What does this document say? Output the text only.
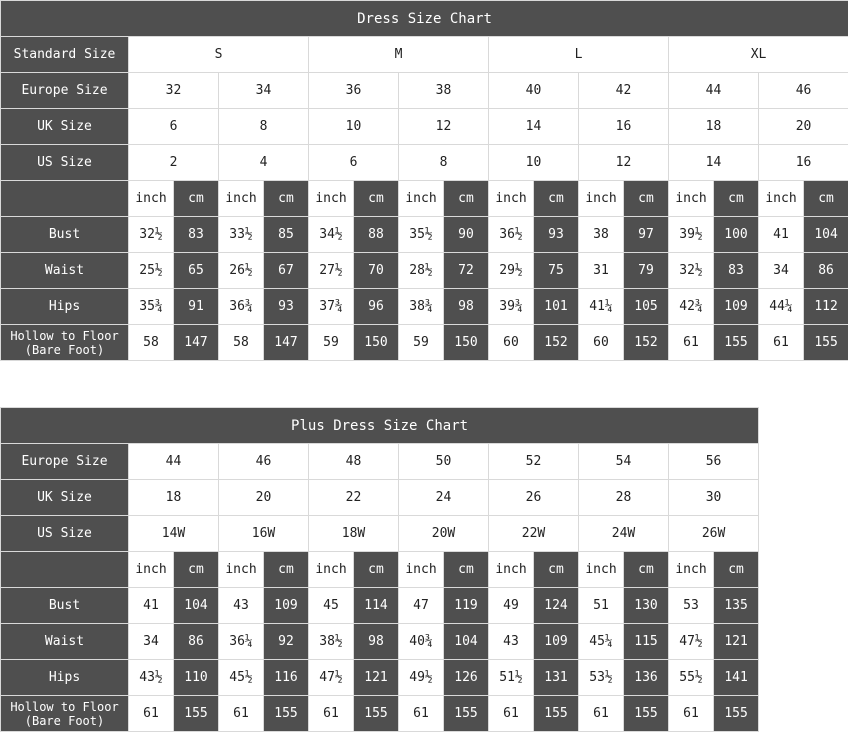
Dress Size Chart																
Standard Size	S				M				L				XL			
Europe Size	32		34		36		38		40		42		44		46	
UK Size	6		8		10		12		14		16		18		20	
US Size	2		4		6		8		10		12		14		16	
	inch	cm	inch	cm	inch	cm	inch	cm	inch	cm	inch	cm	inch	cm	inch	cm
Bust	32½	83	33½	85	34½	88	35½	90	36½	93	38	97	39½	100	41	104
Waist	25½	65	26½	67	27½	70	28½	72	29½	75	31	79	32½	83	34	86
Hips	35¾	91	36¾	93	37¾	96	38¾	98	39¾	101	41¼	105	42¾	109	44¼	112
Hollow to Floor
(Bare Foot)	58	147	58	147	59	150	59	150	60	152	60	152	61	155	61	155
Plus Dress Size Chart														
Europe Size	44		46		48		50		52		54		56	
UK Size	18		20		22		24		26		28		30	
US Size	14W		16W		18W		20W		22W		24W		26W	
	inch	cm	inch	cm	inch	cm	inch	cm	inch	cm	inch	cm	inch	cm
Bust	41	104	43	109	45	114	47	119	49	124	51	130	53	135
Waist	34	86	36¼	92	38½	98	40¾	104	43	109	45¼	115	47½	121
Hips	43½	110	45½	116	47½	121	49½	126	51½	131	53½	136	55½	141
Hollow to Floor
(Bare Foot)	61	155	61	155	61	155	61	155	61	155	61	155	61	155
